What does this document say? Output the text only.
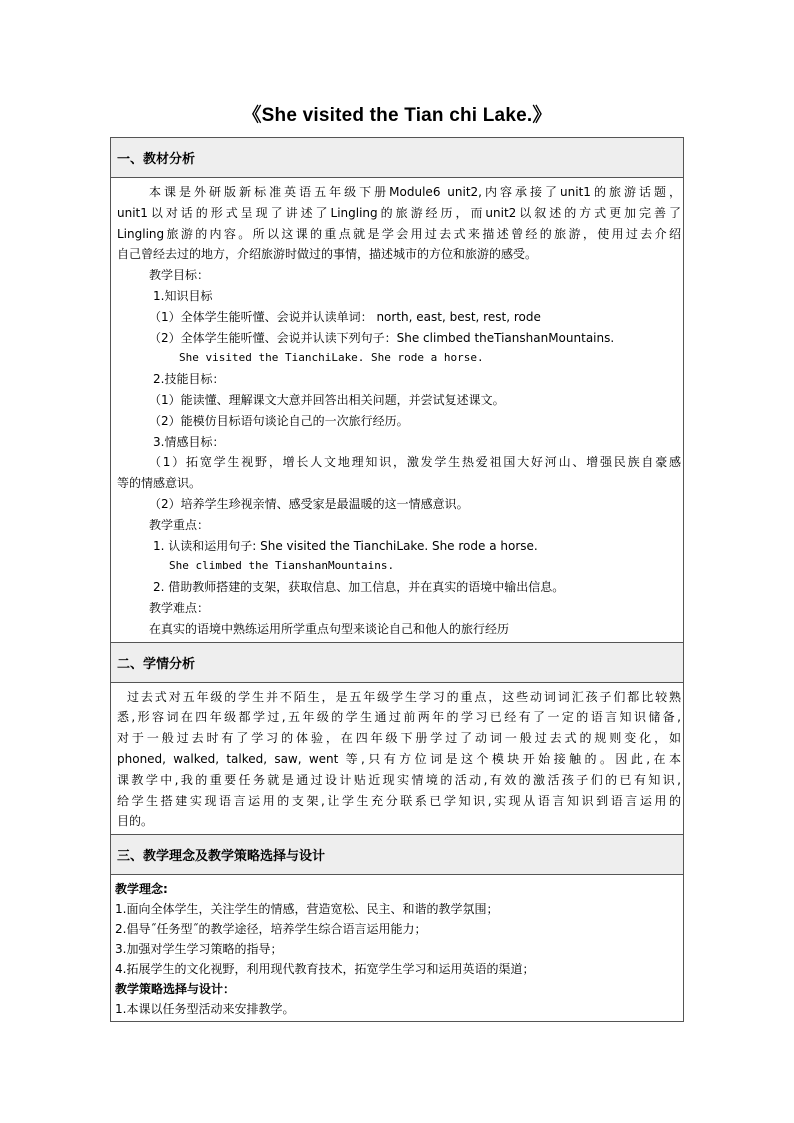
《She visited the Tian chi Lake.》
一、教材分析
本课是外研版新标准英语五年级下册Module6 unit2,内容承接了unit1的旅游话题，
unit1以对话的形式呈现了讲述了Lingling的旅游经历，而unit2以叙述的方式更加完善了
Lingling旅游的内容。所以这课的重点就是学会用过去式来描述曾经的旅游，使用过去介绍
自己曾经去过的地方，介绍旅游时做过的事情，描述城市的方位和旅游的感受。
教学目标：
1.知识目标
（1）全体学生能听懂、会说并认读单词： north, east, best, rest, rode
（2）全体学生能听懂、会说并认读下列句子：She climbed theTianshanMountains.
She visited the TianchiLake. She rode a horse.
2.技能目标：
（1）能读懂、理解课文大意并回答出相关问题，并尝试复述课文。
（2）能模仿目标语句谈论自己的一次旅行经历。
3.情感目标：
（1）拓宽学生视野，增长人文地理知识，激发学生热爱祖国大好河山、增强民族自豪感
等的情感意识。
（2）培养学生珍视亲情、感受家是最温暖的这一情感意识。
教学重点：
1. 认读和运用句子: She visited the TianchiLake. She rode a horse.
She climbed the TianshanMountains.
2. 借助教师搭建的支架，获取信息、加工信息，并在真实的语境中输出信息。
教学难点：
在真实的语境中熟练运用所学重点句型来谈论自己和他人的旅行经历
二、学情分析
过去式对五年级的学生并不陌生，是五年级学生学习的重点，这些动词词汇孩子们都比较熟
悉,形容词在四年级都学过,五年级的学生通过前两年的学习已经有了一定的语言知识储备,
对于一般过去时有了学习的体验，在四年级下册学过了动词一般过去式的规则变化，如
phoned, walked, talked, saw, went 等,只有方位词是这个模块开始接触的。因此,在本
课教学中,我的重要任务就是通过设计贴近现实情境的活动,有效的激活孩子们的已有知识,
给学生搭建实现语言运用的支架,让学生充分联系已学知识,实现从语言知识到语言运用的
目的。
三、教学理念及教学策略选择与设计
教学理念:
1.面向全体学生，关注学生的情感，营造宽松、民主、和谐的教学氛围；
2.倡导˝任务型˝的教学途径，培养学生综合语言运用能力；
3.加强对学生学习策略的指导；
4.拓展学生的文化视野，利用现代教育技术，拓宽学生学习和运用英语的渠道；
教学策略选择与设计：
1.本课以任务型活动来安排教学。
